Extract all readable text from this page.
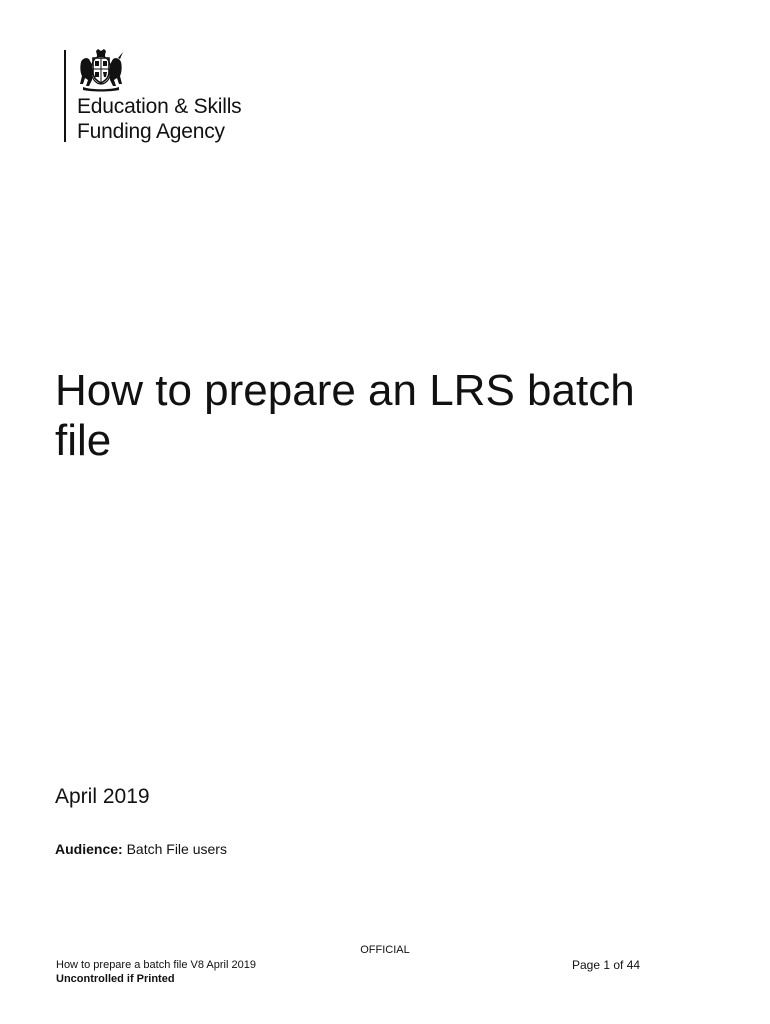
Education & Skills
Funding Agency
How to prepare an LRS batch
file
April 2019

Audience: Batch File users

OFFICIAL
How to prepare a batch file V8 April 2019
Uncontrolled if Printed
Page 1 of 44
